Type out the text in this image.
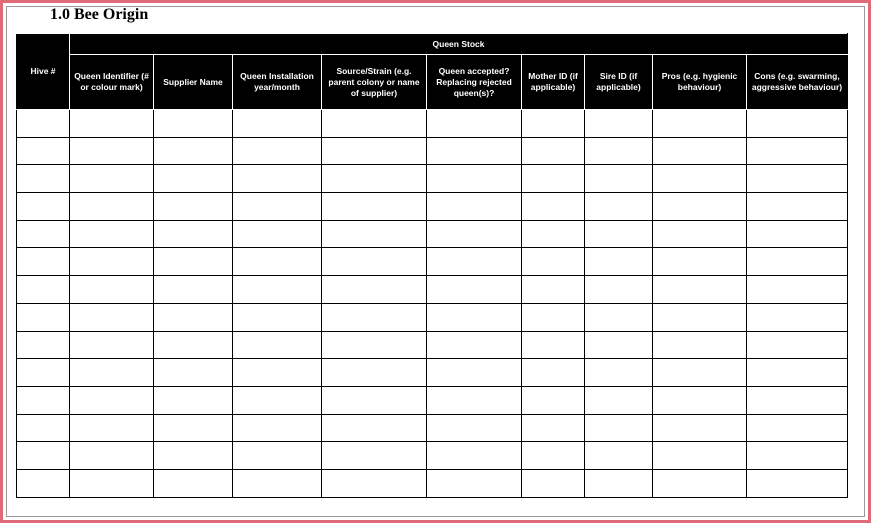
1.0 Bee Origin
Hive #	Queen Stock								
	Queen Identifier (# or colour mark)	Supplier Name	Queen Installation year/month	Source/Strain (e.g. parent colony or name of supplier)	Queen accepted? Replacing rejected queen(s)?	Mother ID (if applicable)	Sire ID (if applicable)	Pros (e.g. hygienic behaviour)	Cons (e.g. swarming, aggressive behaviour)
